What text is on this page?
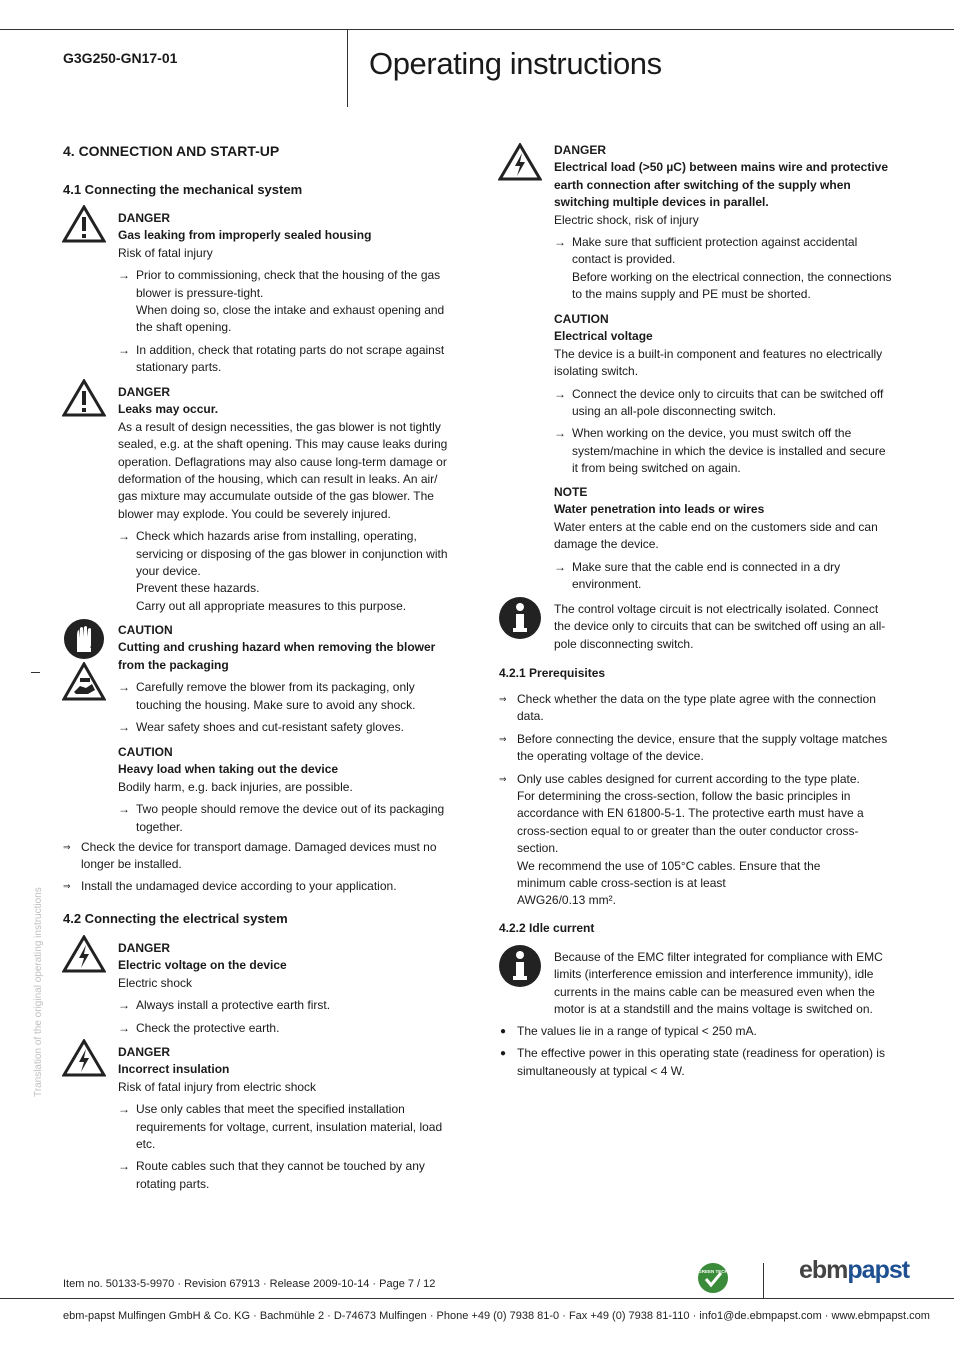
G3G250-GN17-01	Operating instructions
Translation of the original operating instructions
4. CONNECTION AND START-UP
4.1 Connecting the mechanical system

DANGER

Gas leaking from improperly sealed housing

Risk of fatal injury

→ Prior to commissioning, check that the housing of the gas blower is pressure-tight.

When doing so, close the intake and exhaust opening and the shaft opening.

→ In addition, check that rotating parts do not scrape against stationary parts.

DANGER

Leaks may occur.

As a result of design necessities, the gas blower is not tightly sealed, e.g. at the shaft opening. This may cause leaks during operation. Deflagrations may also cause long-term damage or deformation of the housing, which can result in leaks. An air/ gas mixture may accumulate outside of the gas blower. The blower may explode. You could be severely injured.

→ Check which hazards arise from installing, operating, servicing or disposing of the gas blower in conjunction with your device.

Prevent these hazards.

Carry out all appropriate measures to this purpose.

CAUTION

Cutting and crushing hazard when removing the blower from the packaging

→ Carefully remove the blower from its packaging, only touching the housing. Make sure to avoid any shock.

→ Wear safety shoes and cut-resistant safety gloves.

CAUTION

Heavy load when taking out the device

Bodily harm, e.g. back injuries, are possible.

→ Two people should remove the device out of its packaging together.

⇒ Check the device for transport damage. Damaged devices must no longer be installed.
⇒ Install the undamaged device according to your application.
4.2 Connecting the electrical system

DANGER

Electric voltage on the device

Electric shock

→ Always install a protective earth first.

→ Check the protective earth.

DANGER

Incorrect insulation

Risk of fatal injury from electric shock

→ Use only cables that meet the specified installation requirements for voltage, current, insulation material, load etc.

→ Route cables such that they cannot be touched by any rotating parts.

DANGER

Electrical load (>50 µC) between mains wire and protective earth connection after switching of the supply when switching multiple devices in parallel.

Electric shock, risk of injury

→ Make sure that sufficient protection against accidental contact is provided.

Before working on the electrical connection, the connections to the mains supply and PE must be shorted.

CAUTION

Electrical voltage

The device is a built-in component and features no electrically isolating switch.

→ Connect the device only to circuits that can be switched off using an all-pole disconnecting switch.

→ When working on the device, you must switch off the system/machine in which the device is installed and secure it from being switched on again.

NOTE

Water penetration into leads or wires

Water enters at the cable end on the customers side and can damage the device.

→ Make sure that the cable end is connected in a dry environment.

The control voltage circuit is not electrically isolated. Connect the device only to circuits that can be switched off using an all-pole disconnecting switch.
4.2.1 Prerequisites
⇒ Check whether the data on the type plate agree with the connection data.
⇒ Before connecting the device, ensure that the supply voltage matches the operating voltage of the device.
⇒ Only use cables designed for current according to the type plate.

For determining the cross-section, follow the basic principles in accordance with EN 61800-5-1. The protective earth must have a cross-section equal to or greater than the outer conductor cross-section.

We recommend the use of 105°C cables. Ensure that the minimum cable cross-section is at least

AWG26/0.13 mm².

4.2.2 Idle current
Because of the EMC filter integrated for compliance with EMC limits (interference emission and interference immunity), idle currents in the mains cable can be measured even when the motor is at a standstill and the mains voltage is switched on.
● The values lie in a range of typical < 250 mA.
● The effective power in this operating state (readiness for operation) is simultaneously at typical < 4 W.
Item no. 50133-5-9970 · Revision 67913 · Release 2009-10-14 · Page 7 / 12
GREEN TECH	ebmpapst
ebm-papst Mulfingen GmbH & Co. KG · Bachmühle 2 · D-74673 Mulfingen · Phone +49 (0) 7938 81-0 · Fax +49 (0) 7938 81-110 · info1@de.ebmpapst.com · www.ebmpapst.com
